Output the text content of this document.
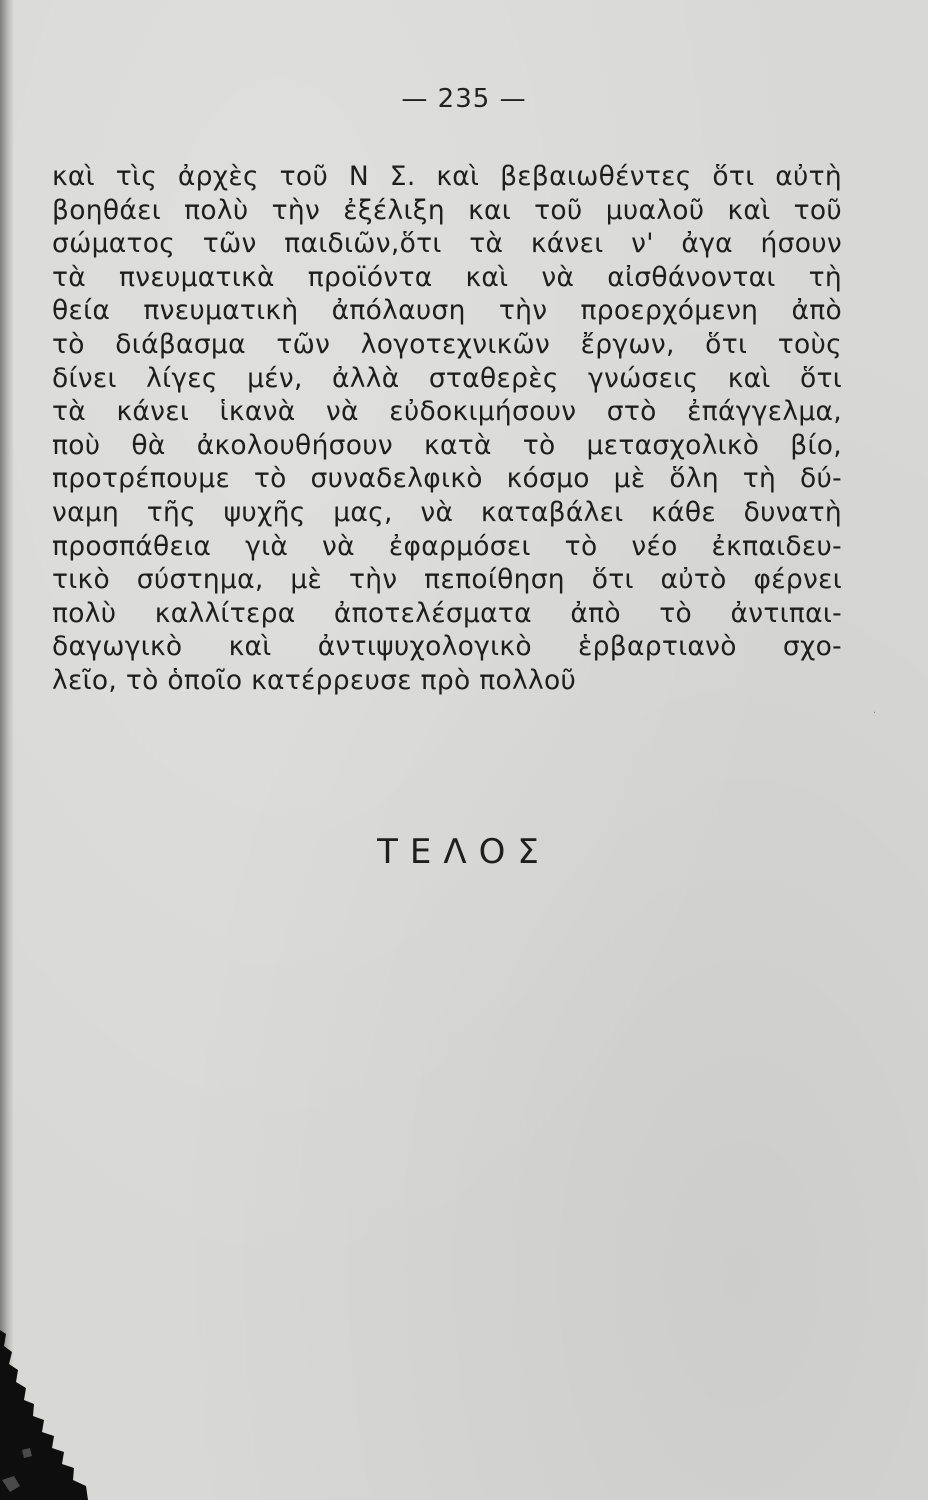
— 235 —
καὶ τὶς ἀρχὲς τοῦ Ν Σ. καὶ βεβαιωθέντες ὅτι αὐτὴ
βοηθάει πολὺ τὴν ἐξέλιξη και τοῦ μυαλοῦ καὶ τοῦ
σώματος τῶν παιδιῶν,ὅτι τὰ κάνει ν' ἀγα ήσουν
τὰ πνευματικὰ προϊόντα καὶ νὰ αἰσθάνονται τὴ
θεία πνευματικὴ ἀπόλαυση τὴν προερχόμενη ἀπὸ
τὸ διάβασμα τῶν λογοτεχνικῶν ἔργων, ὅτι τοὺς
δίνει λίγες μέν, ἀλλὰ σταθερὲς γνώσεις καὶ ὅτι
τὰ κάνει ἱκανὰ νὰ εὐδοκιμήσουν στὸ ἐπάγγελμα,
ποὺ θὰ ἀκολουθήσουν κατὰ τὸ μετασχολικὸ βίο,
προτρέπουμε τὸ συναδελφικὸ κόσμο μὲ ὅλη τὴ δύ-
ναμη τῆς ψυχῆς μας, νὰ καταβάλει κάθε δυνατὴ
προσπάθεια γιὰ νὰ ἐφαρμόσει τὸ νέο ἐκπαιδευ-
τικὸ σύστημα, μὲ τὴν πεποίθηση ὅτι αὐτὸ φέρνει
πολὺ καλλίτερα ἀποτελέσματα ἀπὸ τὸ ἀντιπαι-
δαγωγικὸ καὶ ἀντιψυχολογικὸ ἑρβαρτιανὸ σχο-
λεῖο, τὸ ὁποῖο κατέρρευσε πρὸ πολλοῦ
ΤΕΛΟΣ
·
